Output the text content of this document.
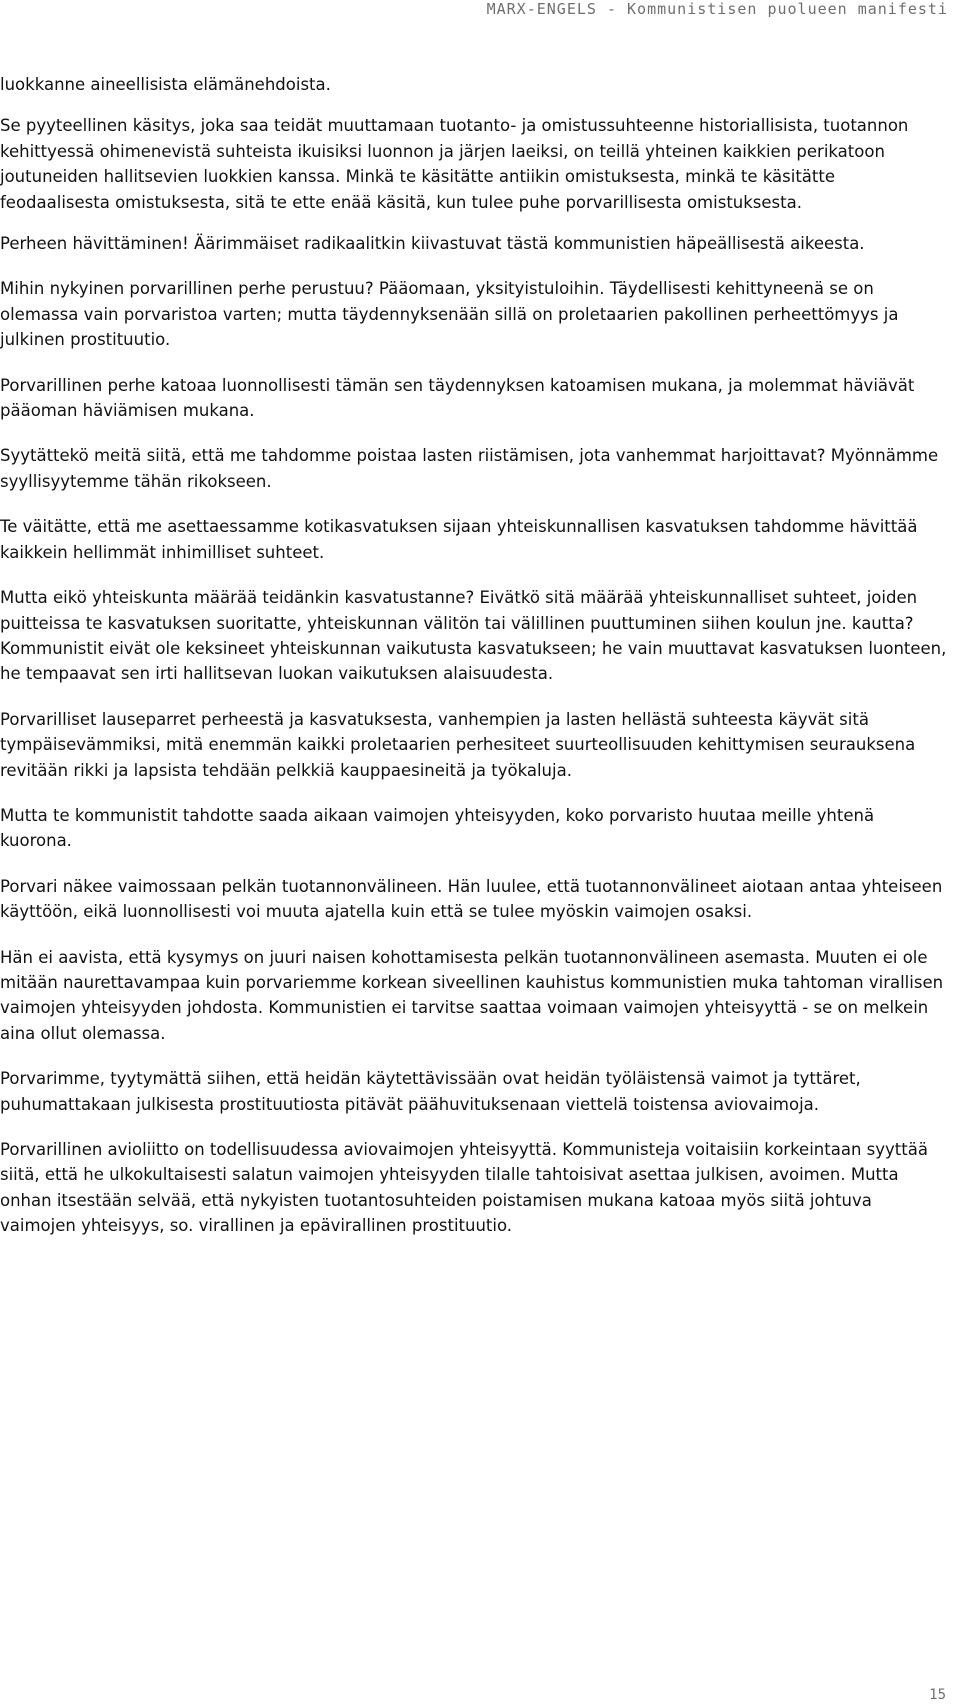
MARX-ENGELS - Kommunistisen puolueen manifesti

luokkanne aineellisista elämänehdoista.

Se pyyteellinen käsitys, joka saa teidät muuttamaan tuotanto- ja omistussuhteenne historiallisista, tuotannon kehittyessä ohimenevistä suhteista ikuisiksi luonnon ja järjen laeiksi, on teillä yhteinen kaikkien perikatoon joutuneiden hallitsevien luokkien kanssa. Minkä te käsitätte antiikin omistuksesta, minkä te käsitätte feodaalisesta omistuksesta, sitä te ette enää käsitä, kun tulee puhe porvarillisesta omistuksesta.

Perheen hävittäminen! Äärimmäiset radikaalitkin kiivastuvat tästä kommunistien häpeällisestä aikeesta.

Mihin nykyinen porvarillinen perhe perustuu? Pääomaan, yksityistuloihin. Täydellisesti kehittyneenä se on olemassa vain porvaristoa varten; mutta täydennyksenään sillä on proletaarien pakollinen perheettömyys ja julkinen prostituutio.

Porvarillinen perhe katoaa luonnollisesti tämän sen täydennyksen katoamisen mukana, ja molemmat häviävät pääoman häviämisen mukana.

Syytättekö meitä siitä, että me tahdomme poistaa lasten riistämisen, jota vanhemmat harjoittavat? Myönnämme syyllisyytemme tähän rikokseen.

Te väitätte, että me asettaessamme kotikasvatuksen sijaan yhteiskunnallisen kasvatuksen tahdomme hävittää kaikkein hellimmät inhimilliset suhteet.

Mutta eikö yhteiskunta määrää teidänkin kasvatustanne? Eivätkö sitä määrää yhteiskunnalliset suhteet, joiden puitteissa te kasvatuksen suoritatte, yhteiskunnan välitön tai välillinen puuttuminen siihen koulun jne. kautta? Kommunistit eivät ole keksineet yhteiskunnan vaikutusta kasvatukseen; he vain muuttavat kasvatuksen luonteen, he tempaavat sen irti hallitsevan luokan vaikutuksen alaisuudesta.

Porvarilliset lauseparret perheestä ja kasvatuksesta, vanhempien ja lasten hellästä suhteesta käyvät sitä tympäisevämmiksi, mitä enemmän kaikki proletaarien perhesiteet suurteollisuuden kehittymisen seurauksena revitään rikki ja lapsista tehdään pelkkiä kauppaesineitä ja työkaluja.

Mutta te kommunistit tahdotte saada aikaan vaimojen yhteisyyden, koko porvaristo huutaa meille yhtenä kuorona.

Porvari näkee vaimossaan pelkän tuotannonvälineen. Hän luulee, että tuotannonvälineet aiotaan antaa yhteiseen käyttöön, eikä luonnollisesti voi muuta ajatella kuin että se tulee myöskin vaimojen osaksi.

Hän ei aavista, että kysymys on juuri naisen kohottamisesta pelkän tuotannonvälineen asemasta. Muuten ei ole mitään naurettavampaa kuin porvariemme korkean siveellinen kauhistus kommunistien muka tahtoman virallisen vaimojen yhteisyyden johdosta. Kommunistien ei tarvitse saattaa voimaan vaimojen yhteisyyttä - se on melkein aina ollut olemassa.

Porvarimme, tyytymättä siihen, että heidän käytettävissään ovat heidän työläistensä vaimot ja tyttäret, puhumattakaan julkisesta prostituutiosta pitävät päähuvituksenaan viettelä toistensa aviovaimoja.

Porvarillinen avioliitto on todellisuudessa aviovaimojen yhteisyyttä. Kommunisteja voitaisiin korkeintaan syyttää siitä, että he ulkokultaisesti salatun vaimojen yhteisyyden tilalle tahtoisivat asettaa julkisen, avoimen. Mutta onhan itsestään selvää, että nykyisten tuotantosuhteiden poistamisen mukana katoaa myös siitä johtuva vaimojen yhteisyys, so. virallinen ja epävirallinen prostituutio.

15
